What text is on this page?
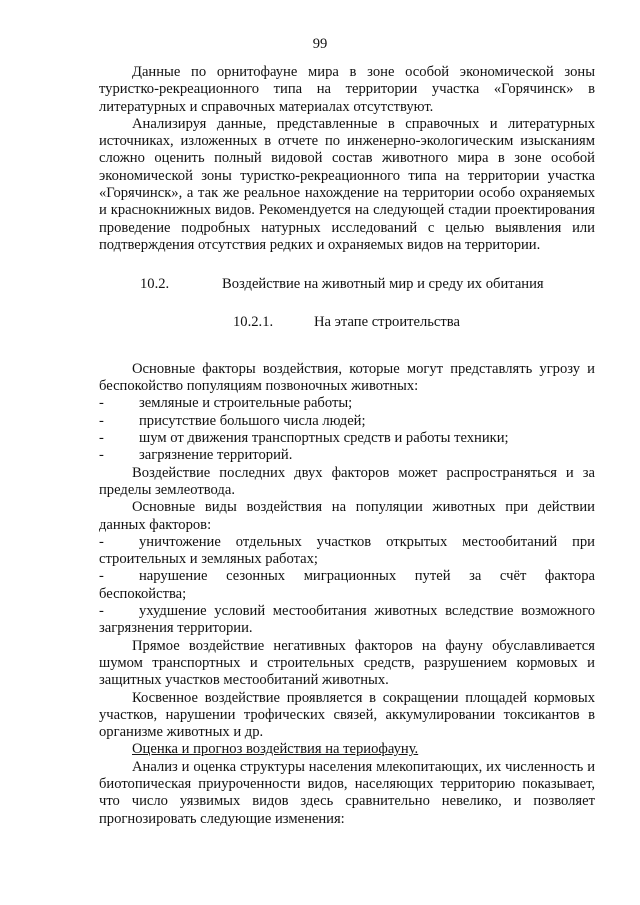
99

Данные по орнитофауне мира в зоне особой экономической зоны туристко-рекреационного типа на территории участка «Горячинск» в литературных и справочных материалах отсутствуют.

Анализируя данные, представленные в справочных и литературных источниках, изложенных в отчете по инженерно-экологическим изысканиям сложно оценить полный видовой состав животного мира в зоне особой экономической зоны туристко-рекреационного типа на территории участка «Горячинск», а так же реальное нахождение на территории особо охраняемых и краснокнижных видов. Рекомендуется на следующей стадии проектирования проведение подробных натурных исследований с целью выявления или подтверждения отсутствия редких и охраняемых видов на территории.

10.2.	Воздействие на животный мир и среду их обитания
10.2.1.	На этапе строительства

Основные факторы воздействия, которые могут представлять угрозу и беспокойство популяциям позвоночных животных:

-	земляные и строительные работы;
-	присутствие большого числа людей;
-	шум от движения транспортных средств и работы техники;
-	загрязнение территорий.

Воздействие последних двух факторов может распространяться и за пределы землеотвода.

Основные виды воздействия на популяции животных при действии данных факторов:

- уничтожение отдельных участков открытых местообитаний при строительных и земляных работах;

- нарушение сезонных миграционных путей за счёт фактора беспокойства;

- ухудшение условий местообитания животных вследствие возможного загрязнения территории.

Прямое воздействие негативных факторов на фауну обуславливается шумом транспортных и строительных средств, разрушением кормовых и защитных участков местообитаний животных.

Косвенное воздействие проявляется в сокращении площадей кормовых участков, нарушении трофических связей, аккумулировании токсикантов в организме животных и др.

Оценка и прогноз воздействия на териофауну.

Анализ и оценка структуры населения млекопитающих, их численность и биотопическая приуроченности видов, населяющих территорию показывает, что число уязвимых видов здесь сравнительно невелико, и позволяет прогнозировать следующие изменения:
